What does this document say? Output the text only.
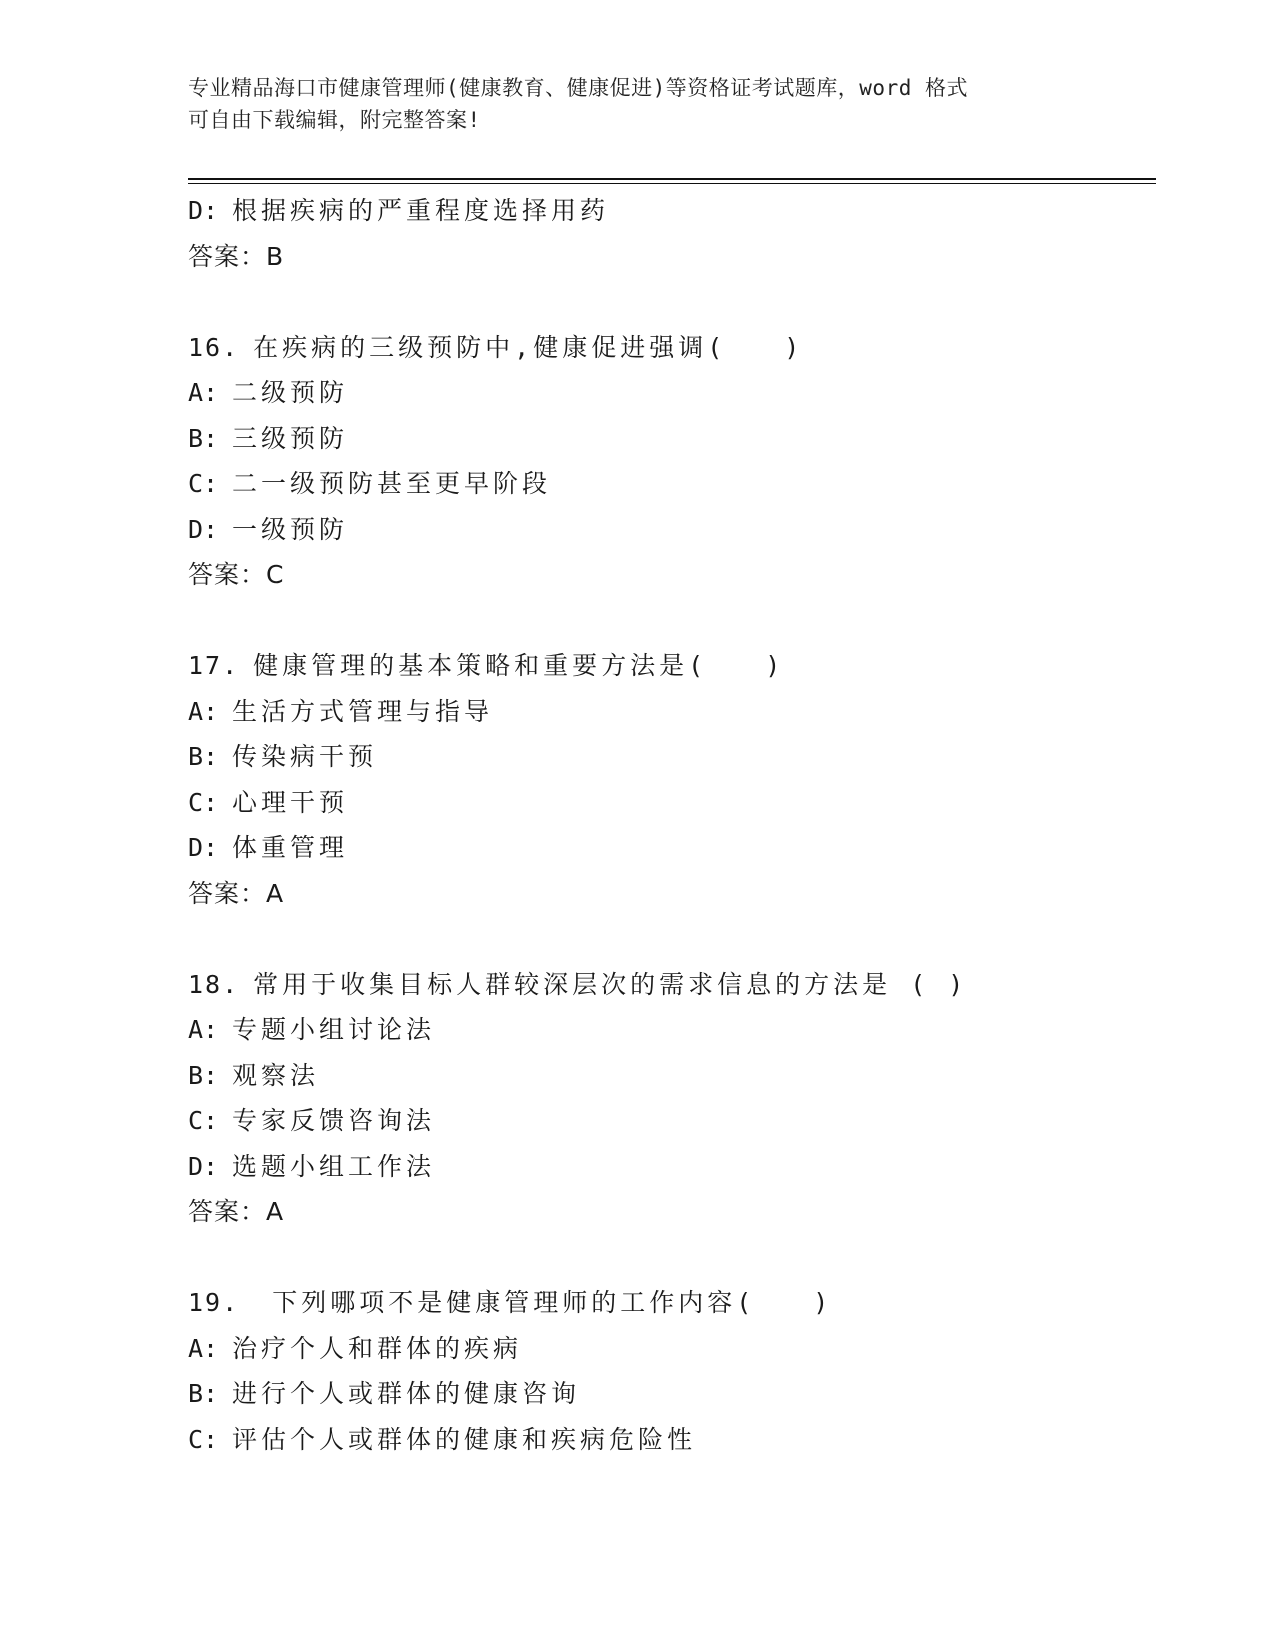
专业精品海口市健康管理师(健康教育、健康促进)等资格证考试题库，word 格式
可自由下载编辑，附完整答案!
D: 根据疾病的严重程度选择用药
答案：B
16. 在疾病的三级预防中,健康促进强调(　　)
A: 二级预防
B: 三级预防
C: 二一级预防甚至更早阶段
D: 一级预防
答案：C
17. 健康管理的基本策略和重要方法是(　　)
A: 生活方式管理与指导
B: 传染病干预
C: 心理干预
D: 体重管理
答案：A
18. 常用于收集目标人群较深层次的需求信息的方法是 ( )
A: 专题小组讨论法
B: 观察法
C: 专家反馈咨询法
D: 选题小组工作法
答案：A
19. 下列哪项不是健康管理师的工作内容(　　)
A: 治疗个人和群体的疾病
B: 进行个人或群体的健康咨询
C: 评估个人或群体的健康和疾病危险性
